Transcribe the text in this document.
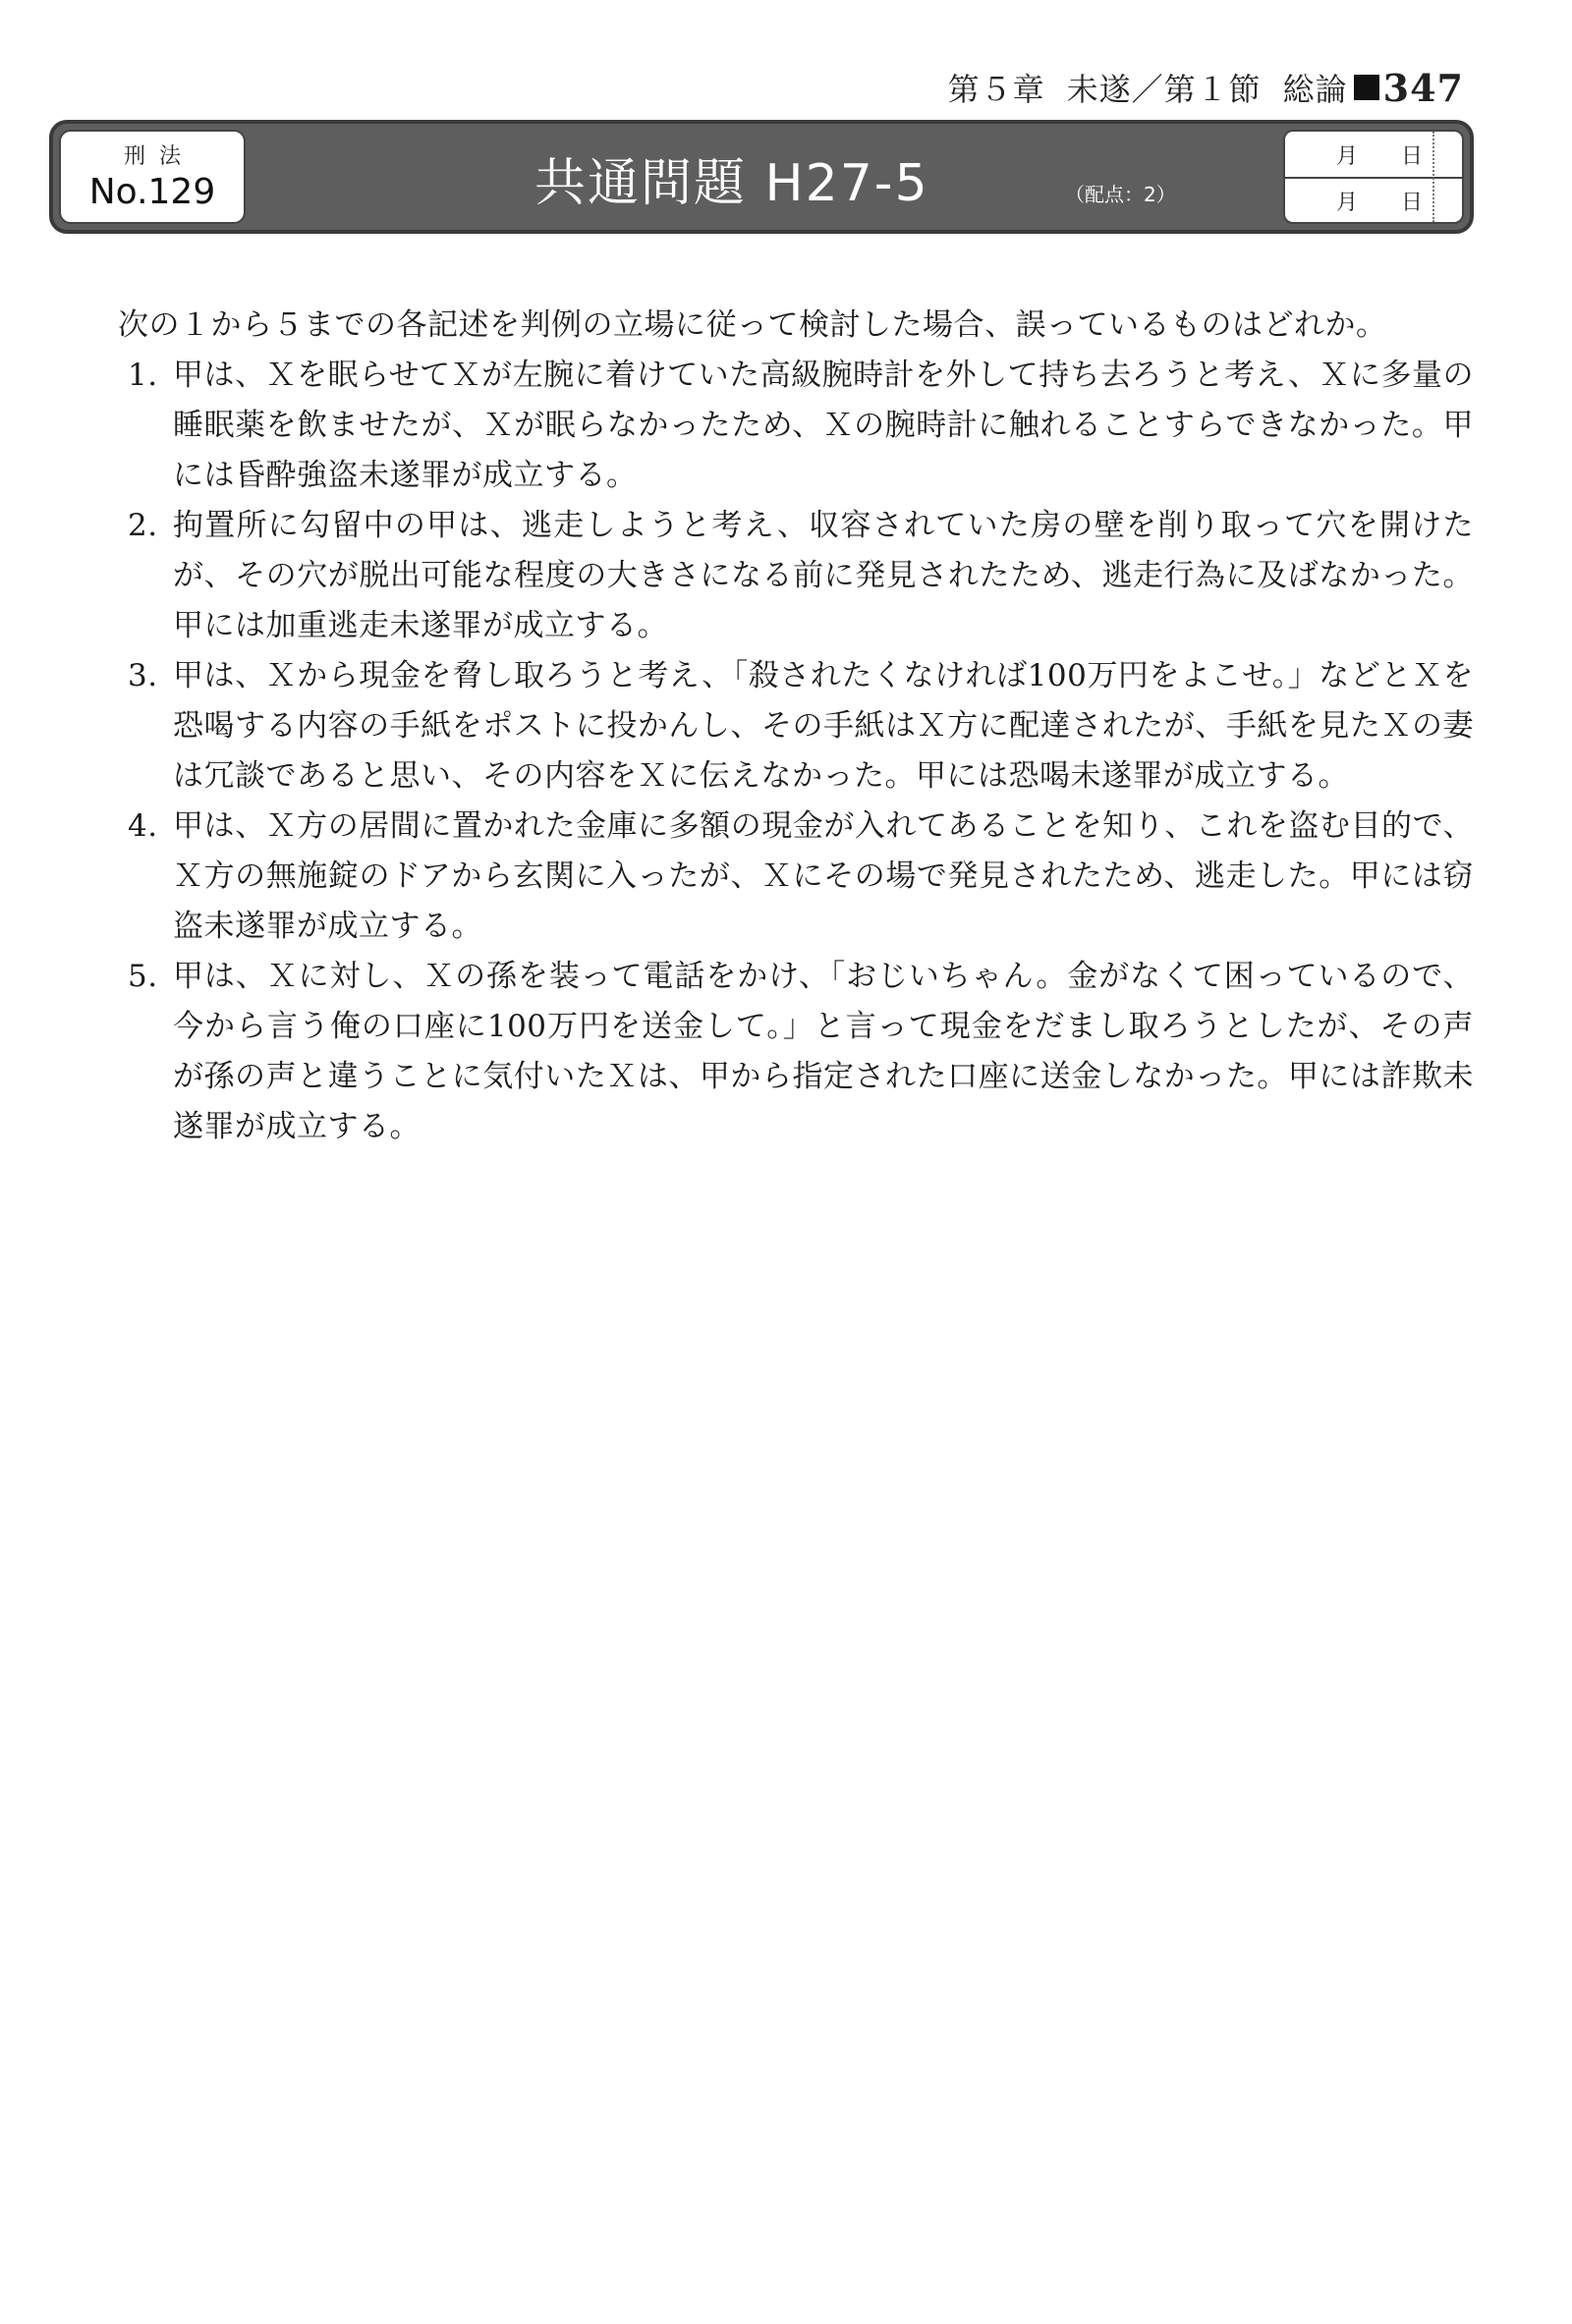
第５章 未遂／第１節 総論 347
刑法
No.129	共通問題 H27-5	（配点：2）
月 日
月 日

次の１から５までの各記述を判例の立場に従って検討した場合、誤っているものはどれか。

1. 甲は、Ｘを眠らせてＸが左腕に着けていた高級腕時計を外して持ち去ろうと考え、Ｘに多量の睡眠薬を飲ませたが、Ｘが眠らなかったため、Ｘの腕時計に触れることすらできなかった。甲には昏酔強盗未遂罪が成立する。
2. 拘置所に勾留中の甲は、逃走しようと考え、収容されていた房の壁を削り取って穴を開けたが、その穴が脱出可能な程度の大きさになる前に発見されたため、逃走行為に及ばなかった。甲には加重逃走未遂罪が成立する。
3. 甲は、Ｘから現金を脅し取ろうと考え、「殺されたくなければ100万円をよこせ。」などとＸを恐喝する内容の手紙をポストに投かんし、その手紙はＸ方に配達されたが、手紙を見たＸの妻は冗談であると思い、その内容をＸに伝えなかった。甲には恐喝未遂罪が成立する。
4. 甲は、Ｘ方の居間に置かれた金庫に多額の現金が入れてあることを知り、これを盗む目的で、Ｘ方の無施錠のドアから玄関に入ったが、Ｘにその場で発見されたため、逃走した。甲には窃盗未遂罪が成立する。
5. 甲は、Ｘに対し、Ｘの孫を装って電話をかけ、「おじいちゃん。金がなくて困っているので、今から言う俺の口座に100万円を送金して。」と言って現金をだまし取ろうとしたが、その声が孫の声と違うことに気付いたＸは、甲から指定された口座に送金しなかった。甲には詐欺未遂罪が成立する。
